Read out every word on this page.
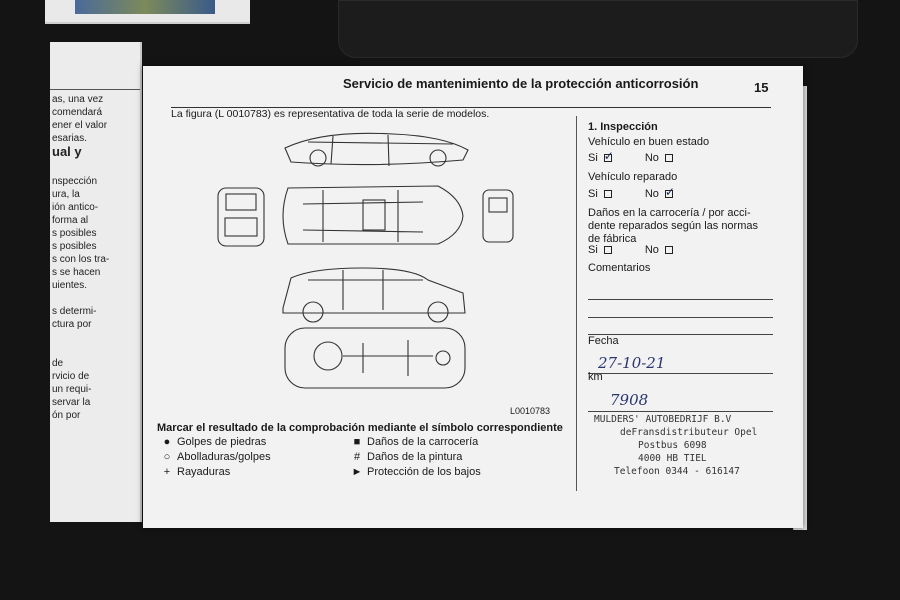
as, una vez
comendará
ener el valor
esarias.
ual y
nspección
ura, la
ión antico-
forma al
s posibles
s posibles
s con los tra-
s se hacen
uientes.
s determi-
ctura por
de
rvicio de
un requi-
servar la
ón por
Servicio de mantenimiento de la protección anticorrosión	15
La figura (L 0010783) es representativa de toda la serie de modelos.
L0010783
Marcar el resultado de la comprobación mediante el símbolo correspondiente
● Golpes de piedras
○ Abolladuras/golpes
+ Rayaduras
■ Daños de la carrocería
# Daños de la pintura
► Protección de los bajos
1. Inspección
Vehículo en buen estado
Si✓	No
Vehículo reparado
Si	No✓
Daños en la carrocería / por acci-
dente reparados según las normas
de fábrica
Si	No
Comentarios
Fecha
27-10-21
km
7908
MULDERS' AUTOBEDRIJF B.V
deFransdistributeur Opel
Postbus 6098
4000 HB TIEL
Telefoon 0344 - 616147
